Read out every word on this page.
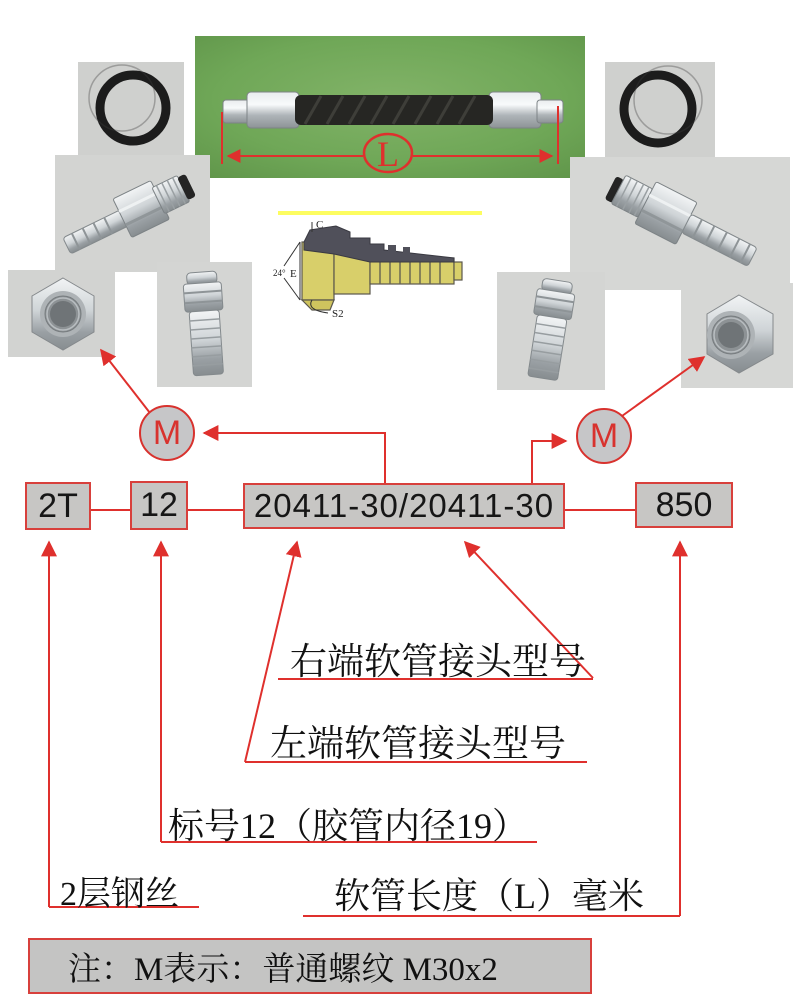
L
C
24° E
S2
M	M
2T 12 20411-30/20411-30	850
右端软管接头型号
左端软管接头型号
标号12（胶管内径19）
2层钢丝	软管长度（L）毫米
注：M表示：普通螺纹 M30x2
